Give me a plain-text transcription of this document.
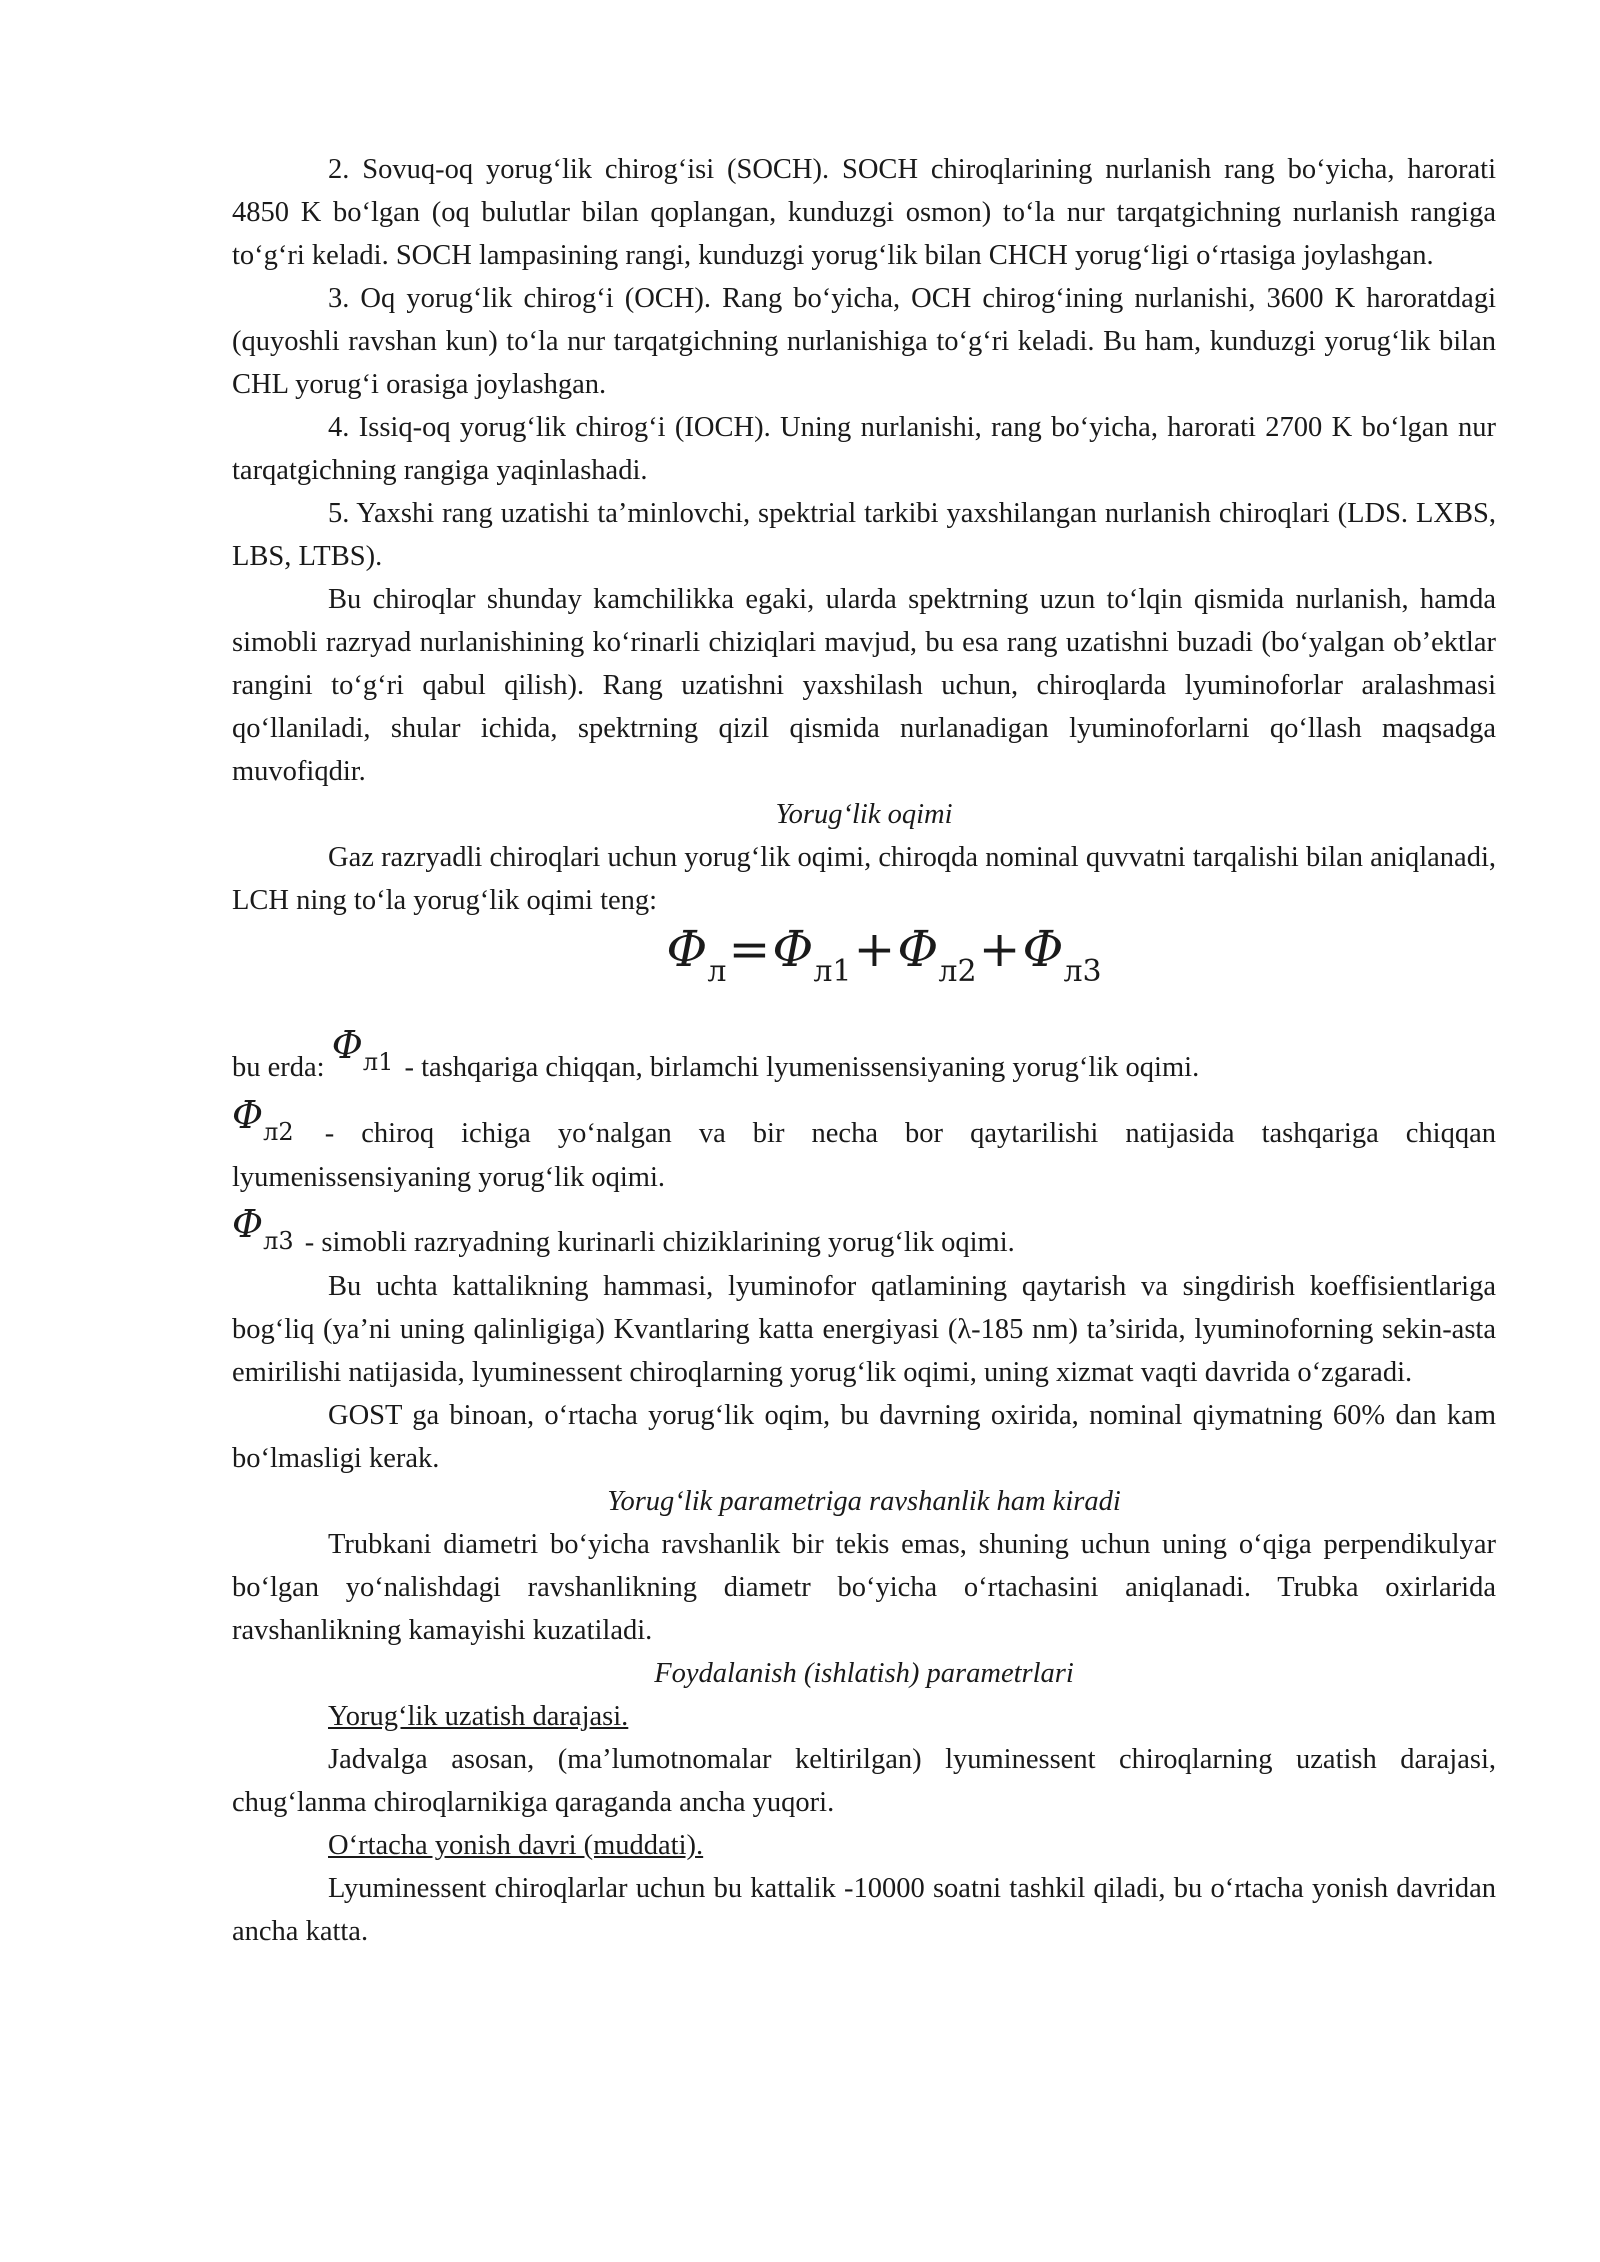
2. Sovuq-oq yorug‘lik chirog‘isi (SOCH). SOCH chiroqlarining nurlanish rang bo‘yicha, harorati 4850 K bo‘lgan (oq bulutlar bilan qoplangan, kunduzgi osmon) to‘la nur tarqatgichning nurlanish rangiga to‘g‘ri keladi. SOCH lampasining rangi, kunduzgi yorug‘lik bilan CHCH yorug‘ligi o‘rtasiga joylashgan.

3. Oq yorug‘lik chirog‘i (OCH). Rang bo‘yicha, OCH chirog‘ining nurlanishi, 3600 K haroratdagi (quyoshli ravshan kun) to‘la nur tarqatgichning nurlanishiga to‘g‘ri keladi. Bu ham, kunduzgi yorug‘lik bilan CHL yorug‘i orasiga joylashgan.

4. Issiq-oq yorug‘lik chirog‘i (IOCH). Uning nurlanishi, rang bo‘yicha, harorati 2700 K bo‘lgan nur tarqatgichning rangiga yaqinlashadi.

5. Yaxshi rang uzatishi ta’minlovchi, spektrial tarkibi yaxshilangan nurlanish chiroqlari (LDS. LXBS, LBS, LTBS).

Bu chiroqlar shunday kamchilikka egaki, ularda spektrning uzun to‘lqin qismida nurlanish, hamda simobli razryad nurlanishining ko‘rinarli chiziqlari mavjud, bu esa rang uzatishni buzadi (bo‘yalgan ob’ektlar rangini to‘g‘ri qabul qilish). Rang uzatishni yaxshilash uchun, chiroqlarda lyuminoforlar aralashmasi qo‘llaniladi, shular ichida, spektrning qizil qismida nurlanadigan lyuminoforlarni qo‘llash maqsadga muvofiqdir.

Yorug‘lik oqimi

Gaz razryadli chiroqlari uchun yorug‘lik oqimi, chiroqda nominal quvvatni tarqalishi bilan aniqlanadi, LCH ning to‘la yorug‘lik oqimi teng:

Φ л = Φ л1 + Φ л2 + Φ л3

bu erda: $\Phi_{л1}$ - tashqariga chiqqan, birlamchi lyumenissensiyaning yorug‘lik oqimi.

$\Phi_{л2}$ - chiroq ichiga yo‘nalgan va bir necha bor qaytarilishi natijasida tashqariga chiqqan lyumenissensiyaning yorug‘lik oqimi.

$\Phi_{л3}$ - simobli razryadning kurinarli chiziklarining yorug‘lik oqimi.

Bu uchta kattalikning hammasi, lyuminofor qatlamining qaytarish va singdirish koeffisientlariga bog‘liq (ya’ni uning qalinligiga) Kvantlaring katta energiyasi (λ-185 nm) ta’sirida, lyuminoforning sekin-asta emirilishi natijasida, lyuminessent chiroqlarning yorug‘lik oqimi, uning xizmat vaqti davrida o‘zgaradi.

GOST ga binoan, o‘rtacha yorug‘lik oqim, bu davrning oxirida, nominal qiymatning 60% dan kam bo‘lmasligi kerak.

Yorug‘lik parametriga ravshanlik ham kiradi

Trubkani diametri bo‘yicha ravshanlik bir tekis emas, shuning uchun uning o‘qiga perpendikulyar bo‘lgan yo‘nalishdagi ravshanlikning diametr bo‘yicha o‘rtachasini aniqlanadi. Trubka oxirlarida ravshanlikning kamayishi kuzatiladi.

Foydalanish (ishlatish) parametrlari

Yorug‘lik uzatish darajasi.

Jadvalga asosan, (ma’lumotnomalar keltirilgan) lyuminessent chiroqlarning uzatish darajasi, chug‘lanma chiroqlarnikiga qaraganda ancha yuqori.

O‘rtacha yonish davri (muddati).

Lyuminessent chiroqlarlar uchun bu kattalik -10000 soatni tashkil qiladi, bu o‘rtacha yonish davridan ancha katta.
